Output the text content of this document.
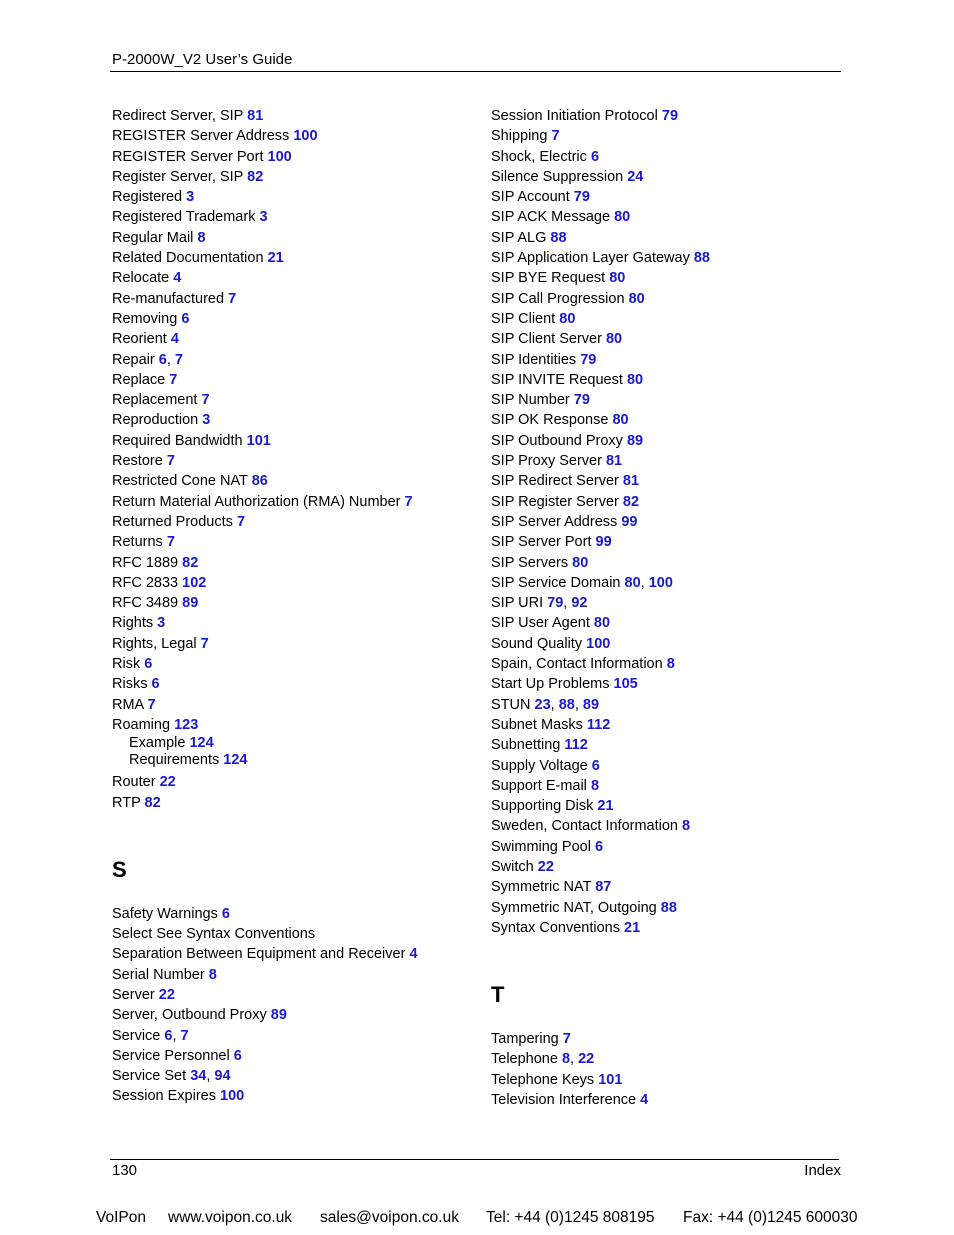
P-2000W_V2 User’s Guide
Redirect Server, SIP 81
REGISTER Server Address 100
REGISTER Server Port 100
Register Server, SIP 82
Registered 3
Registered Trademark 3
Regular Mail 8
Related Documentation 21
Relocate 4
Re-manufactured 7
Removing 6
Reorient 4
Repair 6, 7
Replace 7
Replacement 7
Reproduction 3
Required Bandwidth 101
Restore 7
Restricted Cone NAT 86
Return Material Authorization (RMA) Number 7
Returned Products 7
Returns 7
RFC 1889 82
RFC 2833 102
RFC 3489 89
Rights 3
Rights, Legal 7
Risk 6
Risks 6
RMA 7
Roaming 123
Example 124
Requirements 124
Router 22
RTP 82
S
Safety Warnings 6
Select See Syntax Conventions
Separation Between Equipment and Receiver 4
Serial Number 8
Server 22
Server, Outbound Proxy 89
Service 6, 7
Service Personnel 6
Service Set 34, 94
Session Expires 100
Session Initiation Protocol 79
Shipping 7
Shock, Electric 6
Silence Suppression 24
SIP Account 79
SIP ACK Message 80
SIP ALG 88
SIP Application Layer Gateway 88
SIP BYE Request 80
SIP Call Progression 80
SIP Client 80
SIP Client Server 80
SIP Identities 79
SIP INVITE Request 80
SIP Number 79
SIP OK Response 80
SIP Outbound Proxy 89
SIP Proxy Server 81
SIP Redirect Server 81
SIP Register Server 82
SIP Server Address 99
SIP Server Port 99
SIP Servers 80
SIP Service Domain 80, 100
SIP URI 79, 92
SIP User Agent 80
Sound Quality 100
Spain, Contact Information 8
Start Up Problems 105
STUN 23, 88, 89
Subnet Masks 112
Subnetting 112
Supply Voltage 6
Support E-mail 8
Supporting Disk 21
Sweden, Contact Information 8
Swimming Pool 6
Switch 22
Symmetric NAT 87
Symmetric NAT, Outgoing 88
Syntax Conventions 21
T
Tampering 7
Telephone 8, 22
Telephone Keys 101
Television Interference 4
130	Index
VoIPon www.voipon.co.uk sales@voipon.co.uk Tel: +44 (0)1245 808195 Fax: +44 (0)1245 600030
